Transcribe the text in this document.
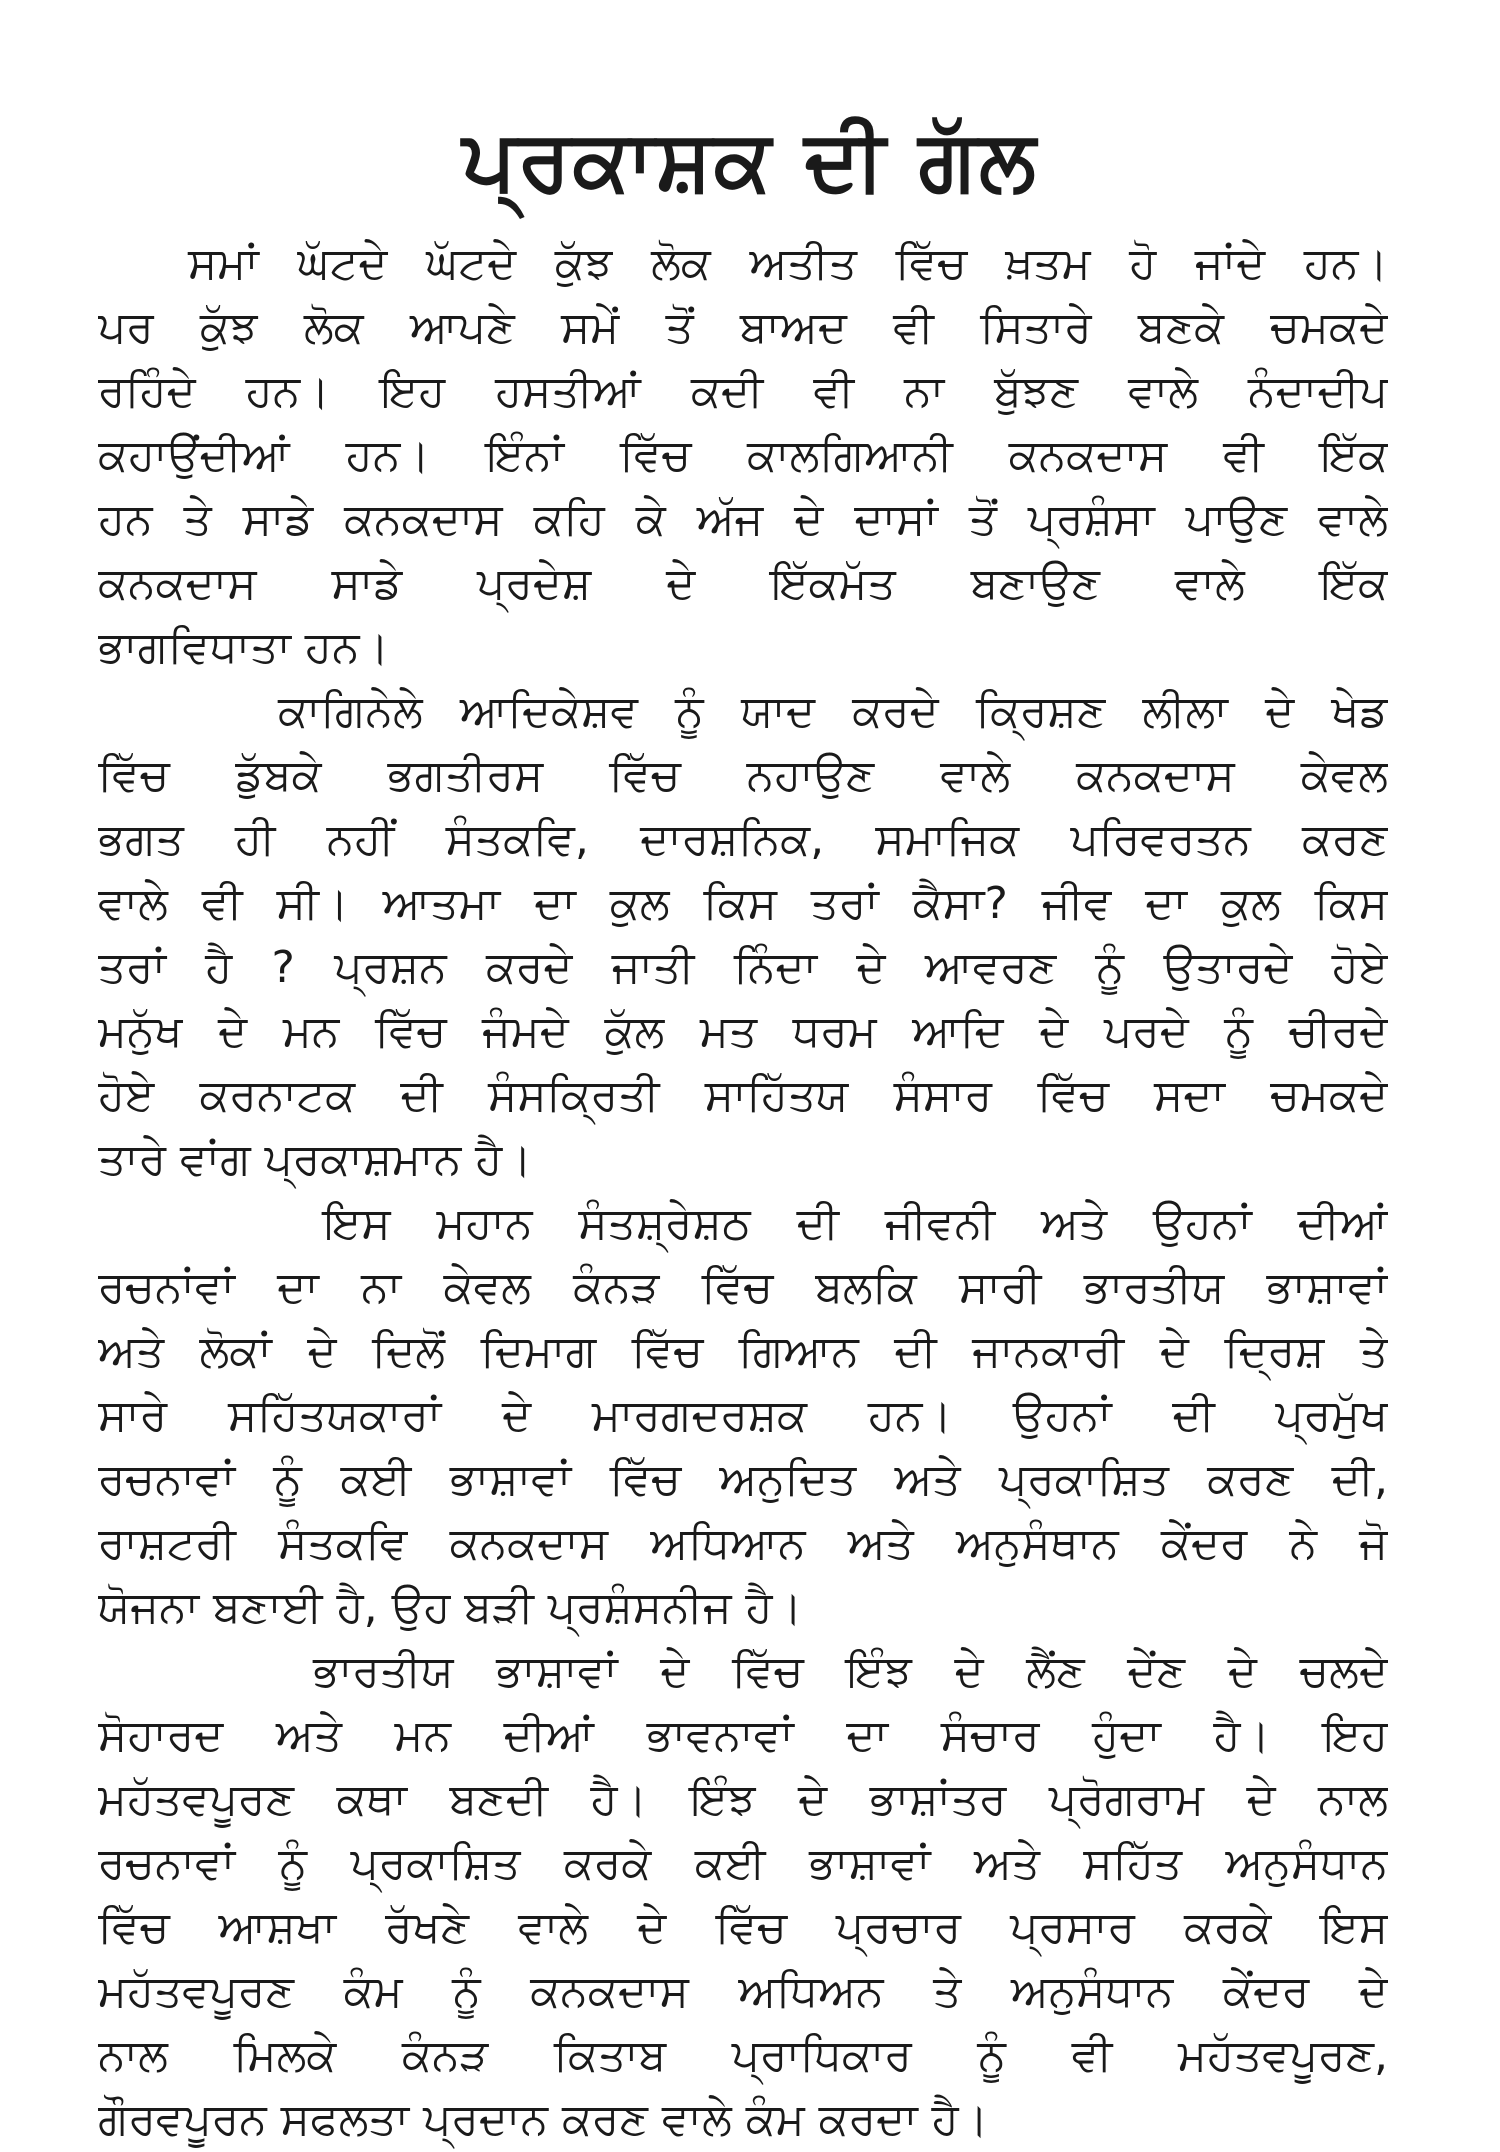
ਪ੍ਰਕਾਸ਼ਕ ਦੀ ਗੱਲ
ਸਮਾਂ ਘੱਟਦੇ ਘੱਟਦੇ ਕੁੱਝ ਲੋਕ ਅਤੀਤ ਵਿੱਚ ਖ਼ਤਮ ਹੋ ਜਾਂਦੇ ਹਨ।
ਪਰ ਕੁੱਝ ਲੋਕ ਆਪਣੇ ਸਮੇਂ ਤੋਂ ਬਾਅਦ ਵੀ ਸਿਤਾਰੇ ਬਣਕੇ ਚਮਕਦੇ
ਰਹਿੰਦੇ ਹਨ। ਇਹ ਹਸਤੀਆਂ ਕਦੀ ਵੀ ਨਾ ਬੁੱਝਣ ਵਾਲੇ ਨੰਦਾਦੀਪ
ਕਹਾਉਂਦੀਆਂ ਹਨ। ਇੰਨਾਂ ਵਿੱਚ ਕਾਲਗਿਆਨੀ ਕਨਕਦਾਸ ਵੀ ਇੱਕ
ਹਨ ਤੇ ਸਾਡੇ ਕਨਕਦਾਸ ਕਹਿ ਕੇ ਅੱਜ ਦੇ ਦਾਸਾਂ ਤੋਂ ਪ੍ਰਸ਼ੰਸਾ ਪਾਉਣ ਵਾਲੇ
ਕਨਕਦਾਸ ਸਾਡੇ ਪ੍ਰਦੇਸ਼ ਦੇ ਇੱਕਮੱਤ ਬਣਾਉਣ ਵਾਲੇ ਇੱਕ
ਭਾਗਵਿਧਾਤਾ ਹਨ।
ਕਾਗਿਨੇਲੇ ਆਦਿਕੇਸ਼ਵ ਨੂੰ ਯਾਦ ਕਰਦੇ ਕ੍ਰਿਸ਼ਣ ਲੀਲਾ ਦੇ ਖੇਡ
ਵਿੱਚ ਡੁੱਬਕੇ ਭਗਤੀਰਸ ਵਿੱਚ ਨਹਾਉਣ ਵਾਲੇ ਕਨਕਦਾਸ ਕੇਵਲ
ਭਗਤ ਹੀ ਨਹੀਂ ਸੰਤਕਵਿ, ਦਾਰਸ਼ਨਿਕ, ਸਮਾਜਿਕ ਪਰਿਵਰਤਨ ਕਰਣ
ਵਾਲੇ ਵੀ ਸੀ। ਆਤਮਾ ਦਾ ਕੁਲ ਕਿਸ ਤਰਾਂ ਕੈਸਾ? ਜੀਵ ਦਾ ਕੁਲ ਕਿਸ
ਤਰਾਂ ਹੈ ? ਪ੍ਰਸ਼ਨ ਕਰਦੇ ਜਾਤੀ ਨਿੰਦਾ ਦੇ ਆਵਰਣ ਨੂੰ ਉਤਾਰਦੇ ਹੋਏ
ਮਨੁੱਖ ਦੇ ਮਨ ਵਿੱਚ ਜੰਮਦੇ ਕੁੱਲ ਮਤ ਧਰਮ ਆਦਿ ਦੇ ਪਰਦੇ ਨੂੰ ਚੀਰਦੇ
ਹੋਏ ਕਰਨਾਟਕ ਦੀ ਸੰਸਕ੍ਰਿਤੀ ਸਾਹਿੱਤਯ ਸੰਸਾਰ ਵਿੱਚ ਸਦਾ ਚਮਕਦੇ
ਤਾਰੇ ਵਾਂਗ ਪ੍ਰਕਾਸ਼ਮਾਨ ਹੈ।
ਇਸ ਮਹਾਨ ਸੰਤਸ਼੍ਰੇਸ਼ਠ ਦੀ ਜੀਵਨੀ ਅਤੇ ਉਹਨਾਂ ਦੀਆਂ
ਰਚਨਾਂਵਾਂ ਦਾ ਨਾ ਕੇਵਲ ਕੰਨੜ ਵਿੱਚ ਬਲਕਿ ਸਾਰੀ ਭਾਰਤੀਯ ਭਾਸ਼ਾਵਾਂ
ਅਤੇ ਲੋਕਾਂ ਦੇ ਦਿਲੋਂ ਦਿਮਾਗ ਵਿੱਚ ਗਿਆਨ ਦੀ ਜਾਨਕਾਰੀ ਦੇ ਦ੍ਰਿਸ਼ ਤੇ
ਸਾਰੇ ਸਹਿੱਤਯਕਾਰਾਂ ਦੇ ਮਾਰਗਦਰਸ਼ਕ ਹਨ। ਉਹਨਾਂ ਦੀ ਪ੍ਰਮੁੱਖ
ਰਚਨਾਵਾਂ ਨੂੰ ਕਈ ਭਾਸ਼ਾਵਾਂ ਵਿੱਚ ਅਨੁਦਿਤ ਅਤੇ ਪ੍ਰਕਾਸ਼ਿਤ ਕਰਣ ਦੀ,
ਰਾਸ਼ਟਰੀ ਸੰਤਕਵਿ ਕਨਕਦਾਸ ਅਧਿਆਨ ਅਤੇ ਅਨੁਸੰਥਾਨ ਕੇਂਦਰ ਨੇ ਜੋ
ਯੋਜਨਾ ਬਣਾਈ ਹੈ, ਉਹ ਬੜੀ ਪ੍ਰਸ਼ੰਸਨੀਜ ਹੈ।
ਭਾਰਤੀਯ ਭਾਸ਼ਾਵਾਂ ਦੇ ਵਿੱਚ ਇੰਝ ਦੇ ਲੈਂਣ ਦੇਂਣ ਦੇ ਚਲਦੇ
ਸੋਹਾਰਦ ਅਤੇ ਮਨ ਦੀਆਂ ਭਾਵਨਾਵਾਂ ਦਾ ਸੰਚਾਰ ਹੁੰਦਾ ਹੈ। ਇਹ
ਮਹੱਤਵਪੂਰਣ ਕਥਾ ਬਣਦੀ ਹੈ। ਇੰਝ ਦੇ ਭਾਸ਼ਾਂਤਰ ਪ੍ਰੋਗਰਾਮ ਦੇ ਨਾਲ
ਰਚਨਾਵਾਂ ਨੂੰ ਪ੍ਰਕਾਸ਼ਿਤ ਕਰਕੇ ਕਈ ਭਾਸ਼ਾਵਾਂ ਅਤੇ ਸਹਿੱਤ ਅਨੁਸੰਧਾਨ
ਵਿੱਚ ਆਸ਼ਖਾ ਰੱਖਣੇ ਵਾਲੇ ਦੇ ਵਿੱਚ ਪ੍ਰਚਾਰ ਪ੍ਰਸਾਰ ਕਰਕੇ ਇਸ
ਮਹੱਤਵਪੂਰਣ ਕੰਮ ਨੂੰ ਕਨਕਦਾਸ ਅਧਿਅਨ ਤੇ ਅਨੁਸੰਧਾਨ ਕੇਂਦਰ ਦੇ
ਨਾਲ ਮਿਲਕੇ ਕੰਨੜ ਕਿਤਾਬ ਪ੍ਰਾਧਿਕਾਰ ਨੂੰ ਵੀ ਮਹੱਤਵਪੂਰਣ,
ਗੌਰਵਪੂਰਨ ਸਫਲਤਾ ਪ੍ਰਦਾਨ ਕਰਣ ਵਾਲੇ ਕੰਮ ਕਰਦਾ ਹੈ।
